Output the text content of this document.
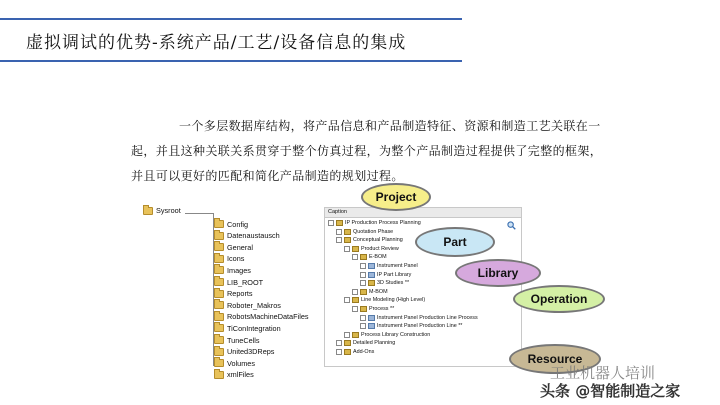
虚拟调试的优势-系统产品/工艺/设备信息的集成
一个多层数据库结构，将产品信息和产品制造特征、资源和制造工艺关联在一起，并且这种关联关系贯穿于整个仿真过程，为整个产品制造过程提供了完整的框架，并且可以更好的匹配和简化产品制造的规划过程。
Sysroot
Config
Datenaustausch
General
Icons
Images
LIB_ROOT
Reports
Roboter_Makros
RobotsMachineDataFiles
TiConIntegration
TuneCells
United3DReps
Volumes
xmlFiles
Caption
IP Production Process Planning
Quotation Phase
Conceptual Planning
Product Review
E-BOM
Instrument Panel
IP Part Library
3D Studies **
M-BOM
Line Modeling (High Level)
Process **
Instrument Panel Production Line Process
Instrument Panel Production Line **
Process Library Construction
Detailed Planning
Add-Ons
Project
Part
Library
Operation
Resource
工业机器人培训
头条 @智能制造之家
